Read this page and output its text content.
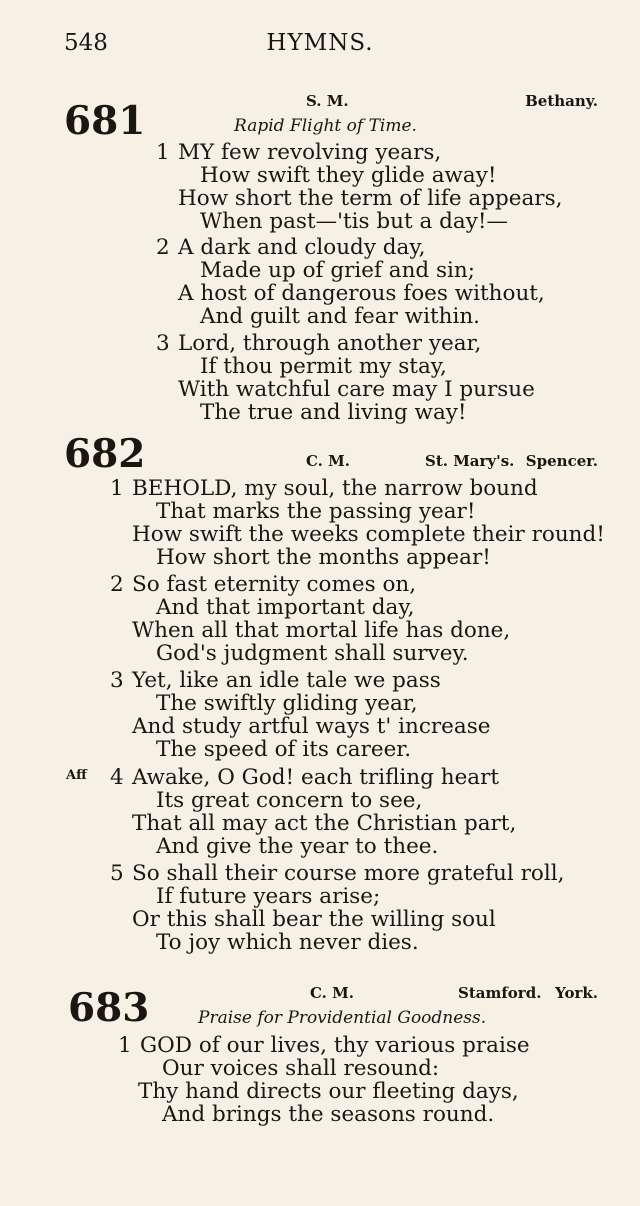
548	HYMNS.
681	S. M.	Bethany.
Rapid Flight of Time.
1 MY few revolving years,
How swift they glide away!
How short the term of life appears,
When past—'tis but a day!—
2 A dark and cloudy day,
Made up of grief and sin;
A host of dangerous foes without,
And guilt and fear within.
3 Lord, through another year,
If thou permit my stay,
With watchful care may I pursue
The true and living way!
682	C. M.	St. Mary's. Spencer.
1 BEHOLD, my soul, the narrow bound
That marks the passing year!
How swift the weeks complete their round!
How short the months appear!
2 So fast eternity comes on,
And that important day,
When all that mortal life has done,
God's judgment shall survey.
3 Yet, like an idle tale we pass
The swiftly gliding year,
And study artful ways t' increase
The speed of its career.
Aff 4 Awake, O God! each trifling heart
Its great concern to see,
That all may act the Christian part,
And give the year to thee.
5 So shall their course more grateful roll,
If future years arise;
Or this shall bear the willing soul
To joy which never dies.
683	C. M.	Stamford. York.
Praise for Providential Goodness.
1 GOD of our lives, thy various praise
Our voices shall resound:
Thy hand directs our fleeting days,
And brings the seasons round.
